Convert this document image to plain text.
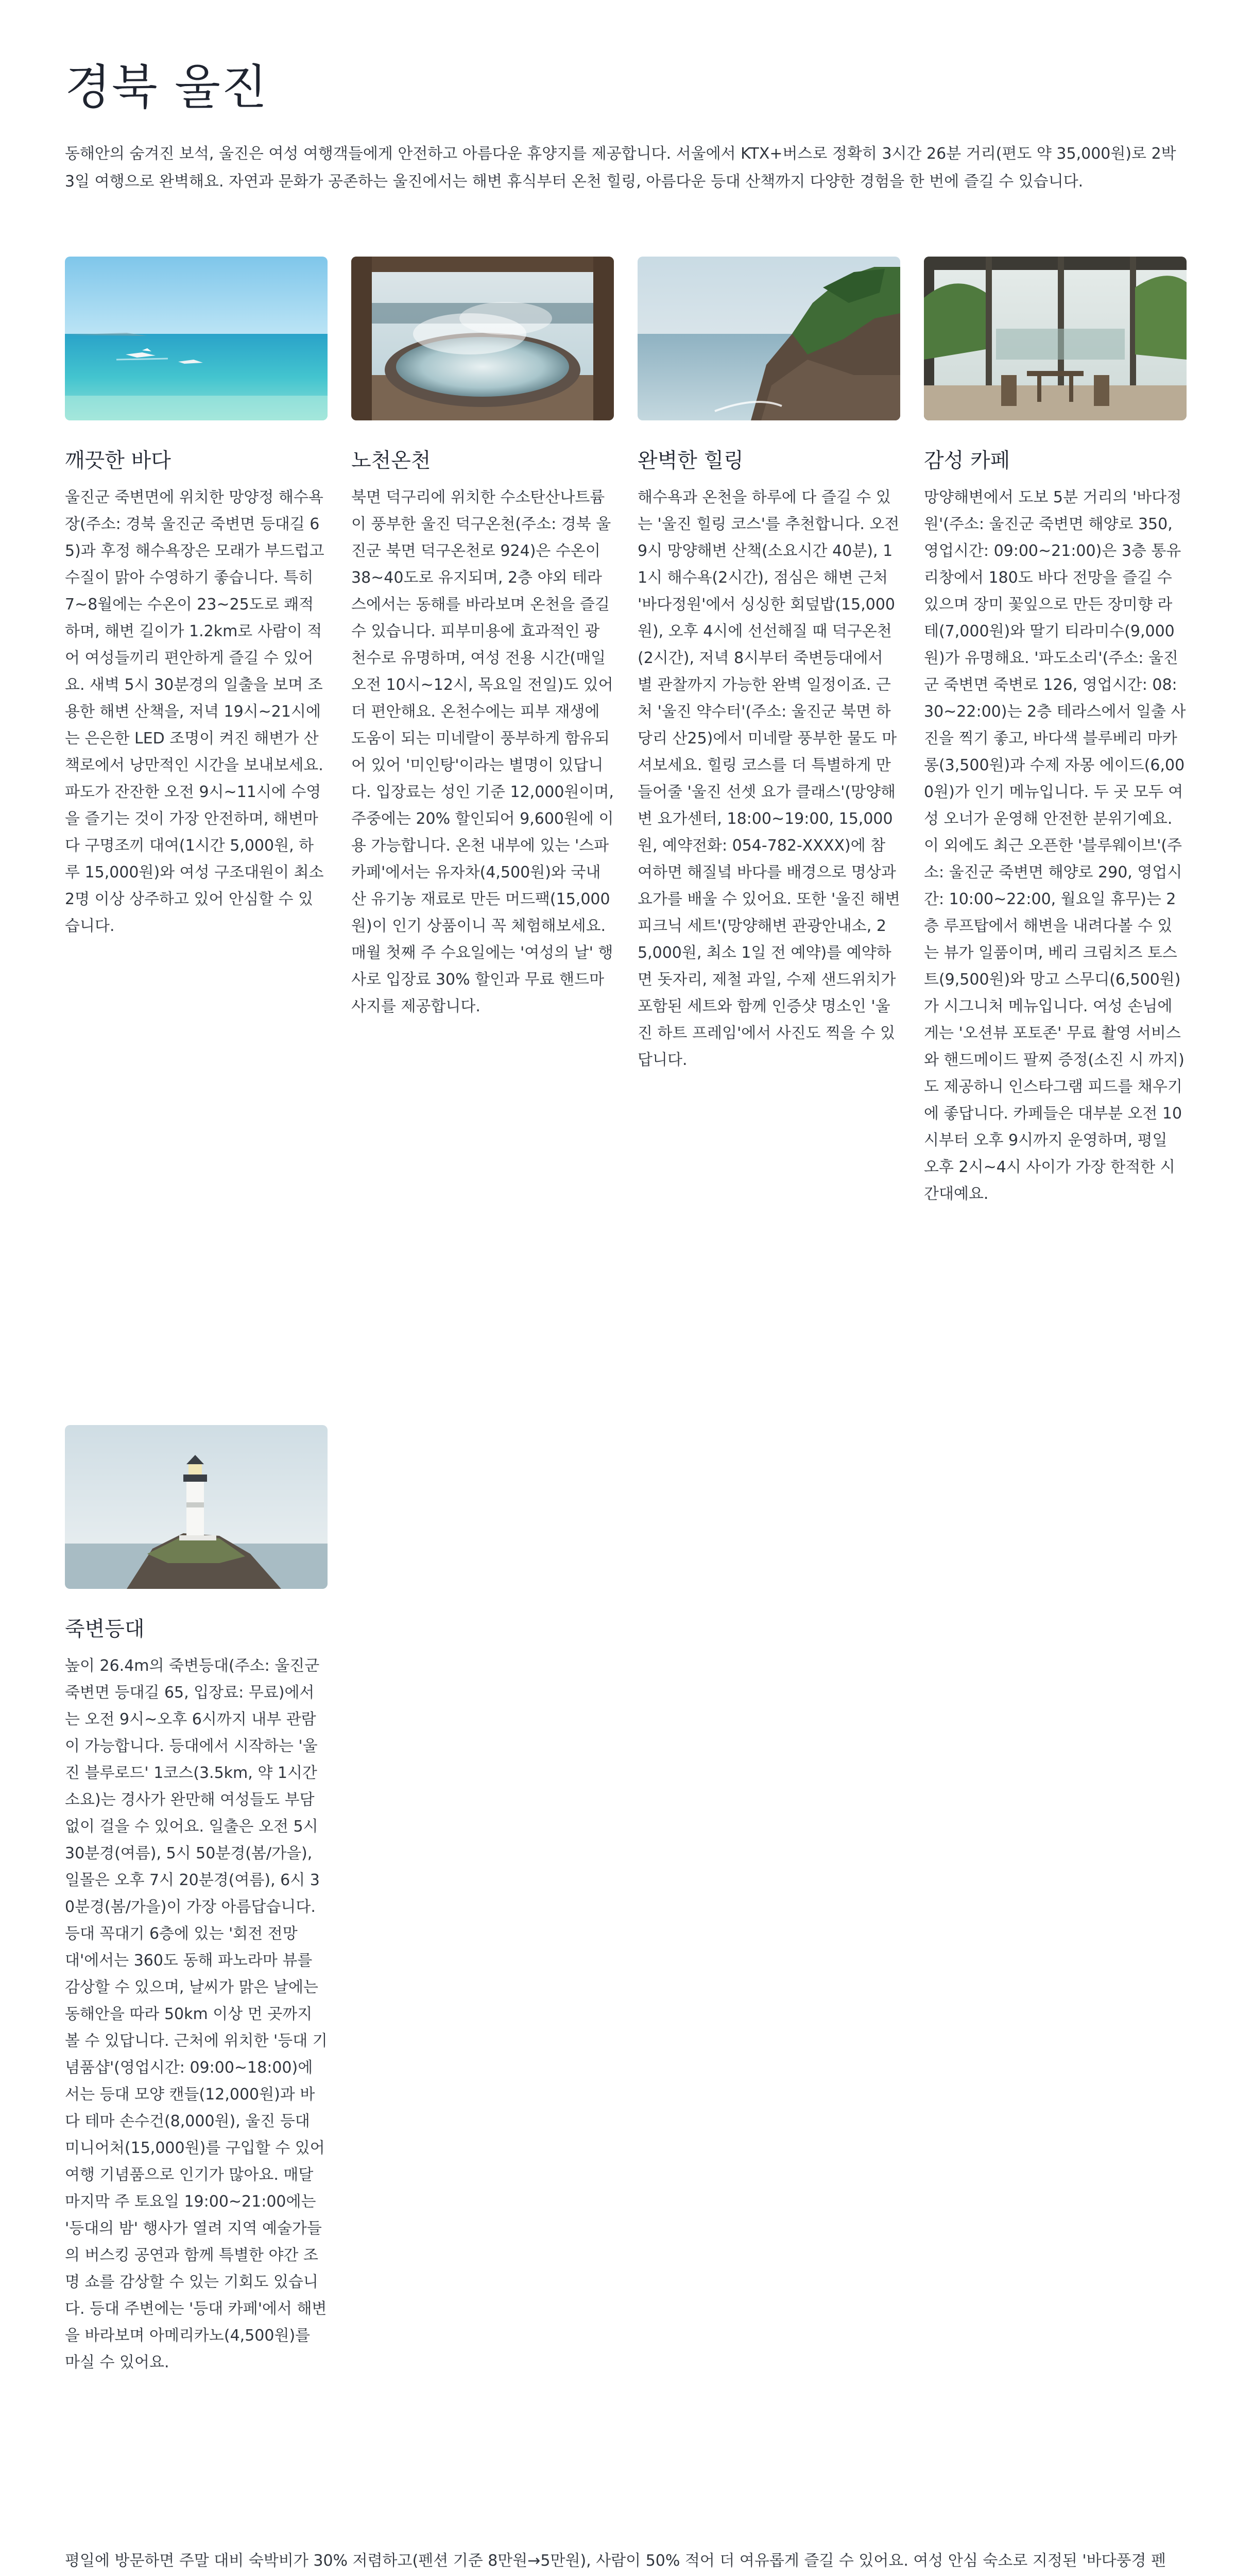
경북 울진

동해안의 숨겨진 보석, 울진은 여성 여행객들에게 안전하고 아름다운 휴양지를 제공합니다. 서울에서 KTX+버스로 정확히 3시간 26분 거리(편도 약 35,000원)로 2박 3일 여행으로 완벽해요. 자연과 문화가 공존하는 울진에서는 해변 휴식부터 온천 힐링, 아름다운 등대 산책까지 다양한 경험을 한 번에 즐길 수 있습니다.

깨끗한 바다

울진군 죽변면에 위치한 망양정 해수욕장(주소: 경북 울진군 죽변면 등대길 65)과 후정 해수욕장은 모래가 부드럽고 수질이 맑아 수영하기 좋습니다. 특히 7~8월에는 수온이 23~25도로 쾌적하며, 해변 길이가 1.2km로 사람이 적어 여성들끼리 편안하게 즐길 수 있어요. 새벽 5시 30분경의 일출을 보며 조용한 해변 산책을, 저녁 19시~21시에는 은은한 LED 조명이 켜진 해변가 산책로에서 낭만적인 시간을 보내보세요. 파도가 잔잔한 오전 9시~11시에 수영을 즐기는 것이 가장 안전하며, 해변마다 구명조끼 대여(1시간 5,000원, 하루 15,000원)와 여성 구조대원이 최소 2명 이상 상주하고 있어 안심할 수 있습니다.

노천온천

북면 덕구리에 위치한 수소탄산나트륨이 풍부한 울진 덕구온천(주소: 경북 울진군 북면 덕구온천로 924)은 수온이 38~40도로 유지되며, 2층 야외 테라스에서는 동해를 바라보며 온천을 즐길 수 있습니다. 피부미용에 효과적인 광천수로 유명하며, 여성 전용 시간(매일 오전 10시~12시, 목요일 전일)도 있어 더 편안해요. 온천수에는 피부 재생에 도움이 되는 미네랄이 풍부하게 함유되어 있어 '미인탕'이라는 별명이 있답니다. 입장료는 성인 기준 12,000원이며, 주중에는 20% 할인되어 9,600원에 이용 가능합니다. 온천 내부에 있는 '스파 카페'에서는 유자차(4,500원)와 국내산 유기농 재료로 만든 머드팩(15,000원)이 인기 상품이니 꼭 체험해보세요. 매월 첫째 주 수요일에는 '여성의 날' 행사로 입장료 30% 할인과 무료 핸드마사지를 제공합니다.

완벽한 힐링

해수욕과 온천을 하루에 다 즐길 수 있는 '울진 힐링 코스'를 추천합니다. 오전 9시 망양해변 산책(소요시간 40분), 11시 해수욕(2시간), 점심은 해변 근처 '바다정원'에서 싱싱한 회덮밥(15,000원), 오후 4시에 선선해질 때 덕구온천(2시간), 저녁 8시부터 죽변등대에서 별 관찰까지 가능한 완벽 일정이죠. 근처 '울진 약수터'(주소: 울진군 북면 하당리 산25)에서 미네랄 풍부한 물도 마셔보세요. 힐링 코스를 더 특별하게 만들어줄 '울진 선셋 요가 클래스'(망양해변 요가센터, 18:00~19:00, 15,000원, 예약전화: 054-782-XXXX)에 참여하면 해질녘 바다를 배경으로 명상과 요가를 배울 수 있어요. 또한 '울진 해변 피크닉 세트'(망양해변 관광안내소, 25,000원, 최소 1일 전 예약)를 예약하면 돗자리, 제철 과일, 수제 샌드위치가 포함된 세트와 함께 인증샷 명소인 '울진 하트 프레임'에서 사진도 찍을 수 있답니다.

감성 카페

망양해변에서 도보 5분 거리의 '바다정원'(주소: 울진군 죽변면 해양로 350, 영업시간: 09:00~21:00)은 3층 통유리창에서 180도 바다 전망을 즐길 수 있으며 장미 꽃잎으로 만든 장미향 라테(7,000원)와 딸기 티라미수(9,000원)가 유명해요. '파도소리'(주소: 울진군 죽변면 죽변로 126, 영업시간: 08:30~22:00)는 2층 테라스에서 일출 사진을 찍기 좋고, 바다색 블루베리 마카롱(3,500원)과 수제 자몽 에이드(6,000원)가 인기 메뉴입니다. 두 곳 모두 여성 오너가 운영해 안전한 분위기예요. 이 외에도 최근 오픈한 '블루웨이브'(주소: 울진군 죽변면 해양로 290, 영업시간: 10:00~22:00, 월요일 휴무)는 2층 루프탑에서 해변을 내려다볼 수 있는 뷰가 일품이며, 베리 크림치즈 토스트(9,500원)와 망고 스무디(6,500원)가 시그니처 메뉴입니다. 여성 손님에게는 '오션뷰 포토존' 무료 촬영 서비스와 핸드메이드 팔찌 증정(소진 시 까지)도 제공하니 인스타그램 피드를 채우기에 좋답니다. 카페들은 대부분 오전 10시부터 오후 9시까지 운영하며, 평일 오후 2시~4시 사이가 가장 한적한 시간대예요.

죽변등대

높이 26.4m의 죽변등대(주소: 울진군 죽변면 등대길 65, 입장료: 무료)에서는 오전 9시~오후 6시까지 내부 관람이 가능합니다. 등대에서 시작하는 '울진 블루로드' 1코스(3.5km, 약 1시간 소요)는 경사가 완만해 여성들도 부담 없이 걸을 수 있어요. 일출은 오전 5시 30분경(여름), 5시 50분경(봄/가을), 일몰은 오후 7시 20분경(여름), 6시 30분경(봄/가을)이 가장 아름답습니다. 등대 꼭대기 6층에 있는 '회전 전망대'에서는 360도 동해 파노라마 뷰를 감상할 수 있으며, 날씨가 맑은 날에는 동해안을 따라 50km 이상 먼 곳까지 볼 수 있답니다. 근처에 위치한 '등대 기념품샵'(영업시간: 09:00~18:00)에서는 등대 모양 캔들(12,000원)과 바다 테마 손수건(8,000원), 울진 등대 미니어처(15,000원)를 구입할 수 있어 여행 기념품으로 인기가 많아요. 매달 마지막 주 토요일 19:00~21:00에는 '등대의 밤' 행사가 열려 지역 예술가들의 버스킹 공연과 함께 특별한 야간 조명 쇼를 감상할 수 있는 기회도 있습니다. 등대 주변에는 '등대 카페'에서 해변을 바라보며 아메리카노(4,500원)를 마실 수 있어요.

평일에 방문하면 주말 대비 숙박비가 30% 저렴하고(펜션 기준 8만원→5만원), 사람이 50% 적어 더 여유롭게 즐길 수 있어요. 여성 안심 숙소로 지정된 '바다풍경 펜
